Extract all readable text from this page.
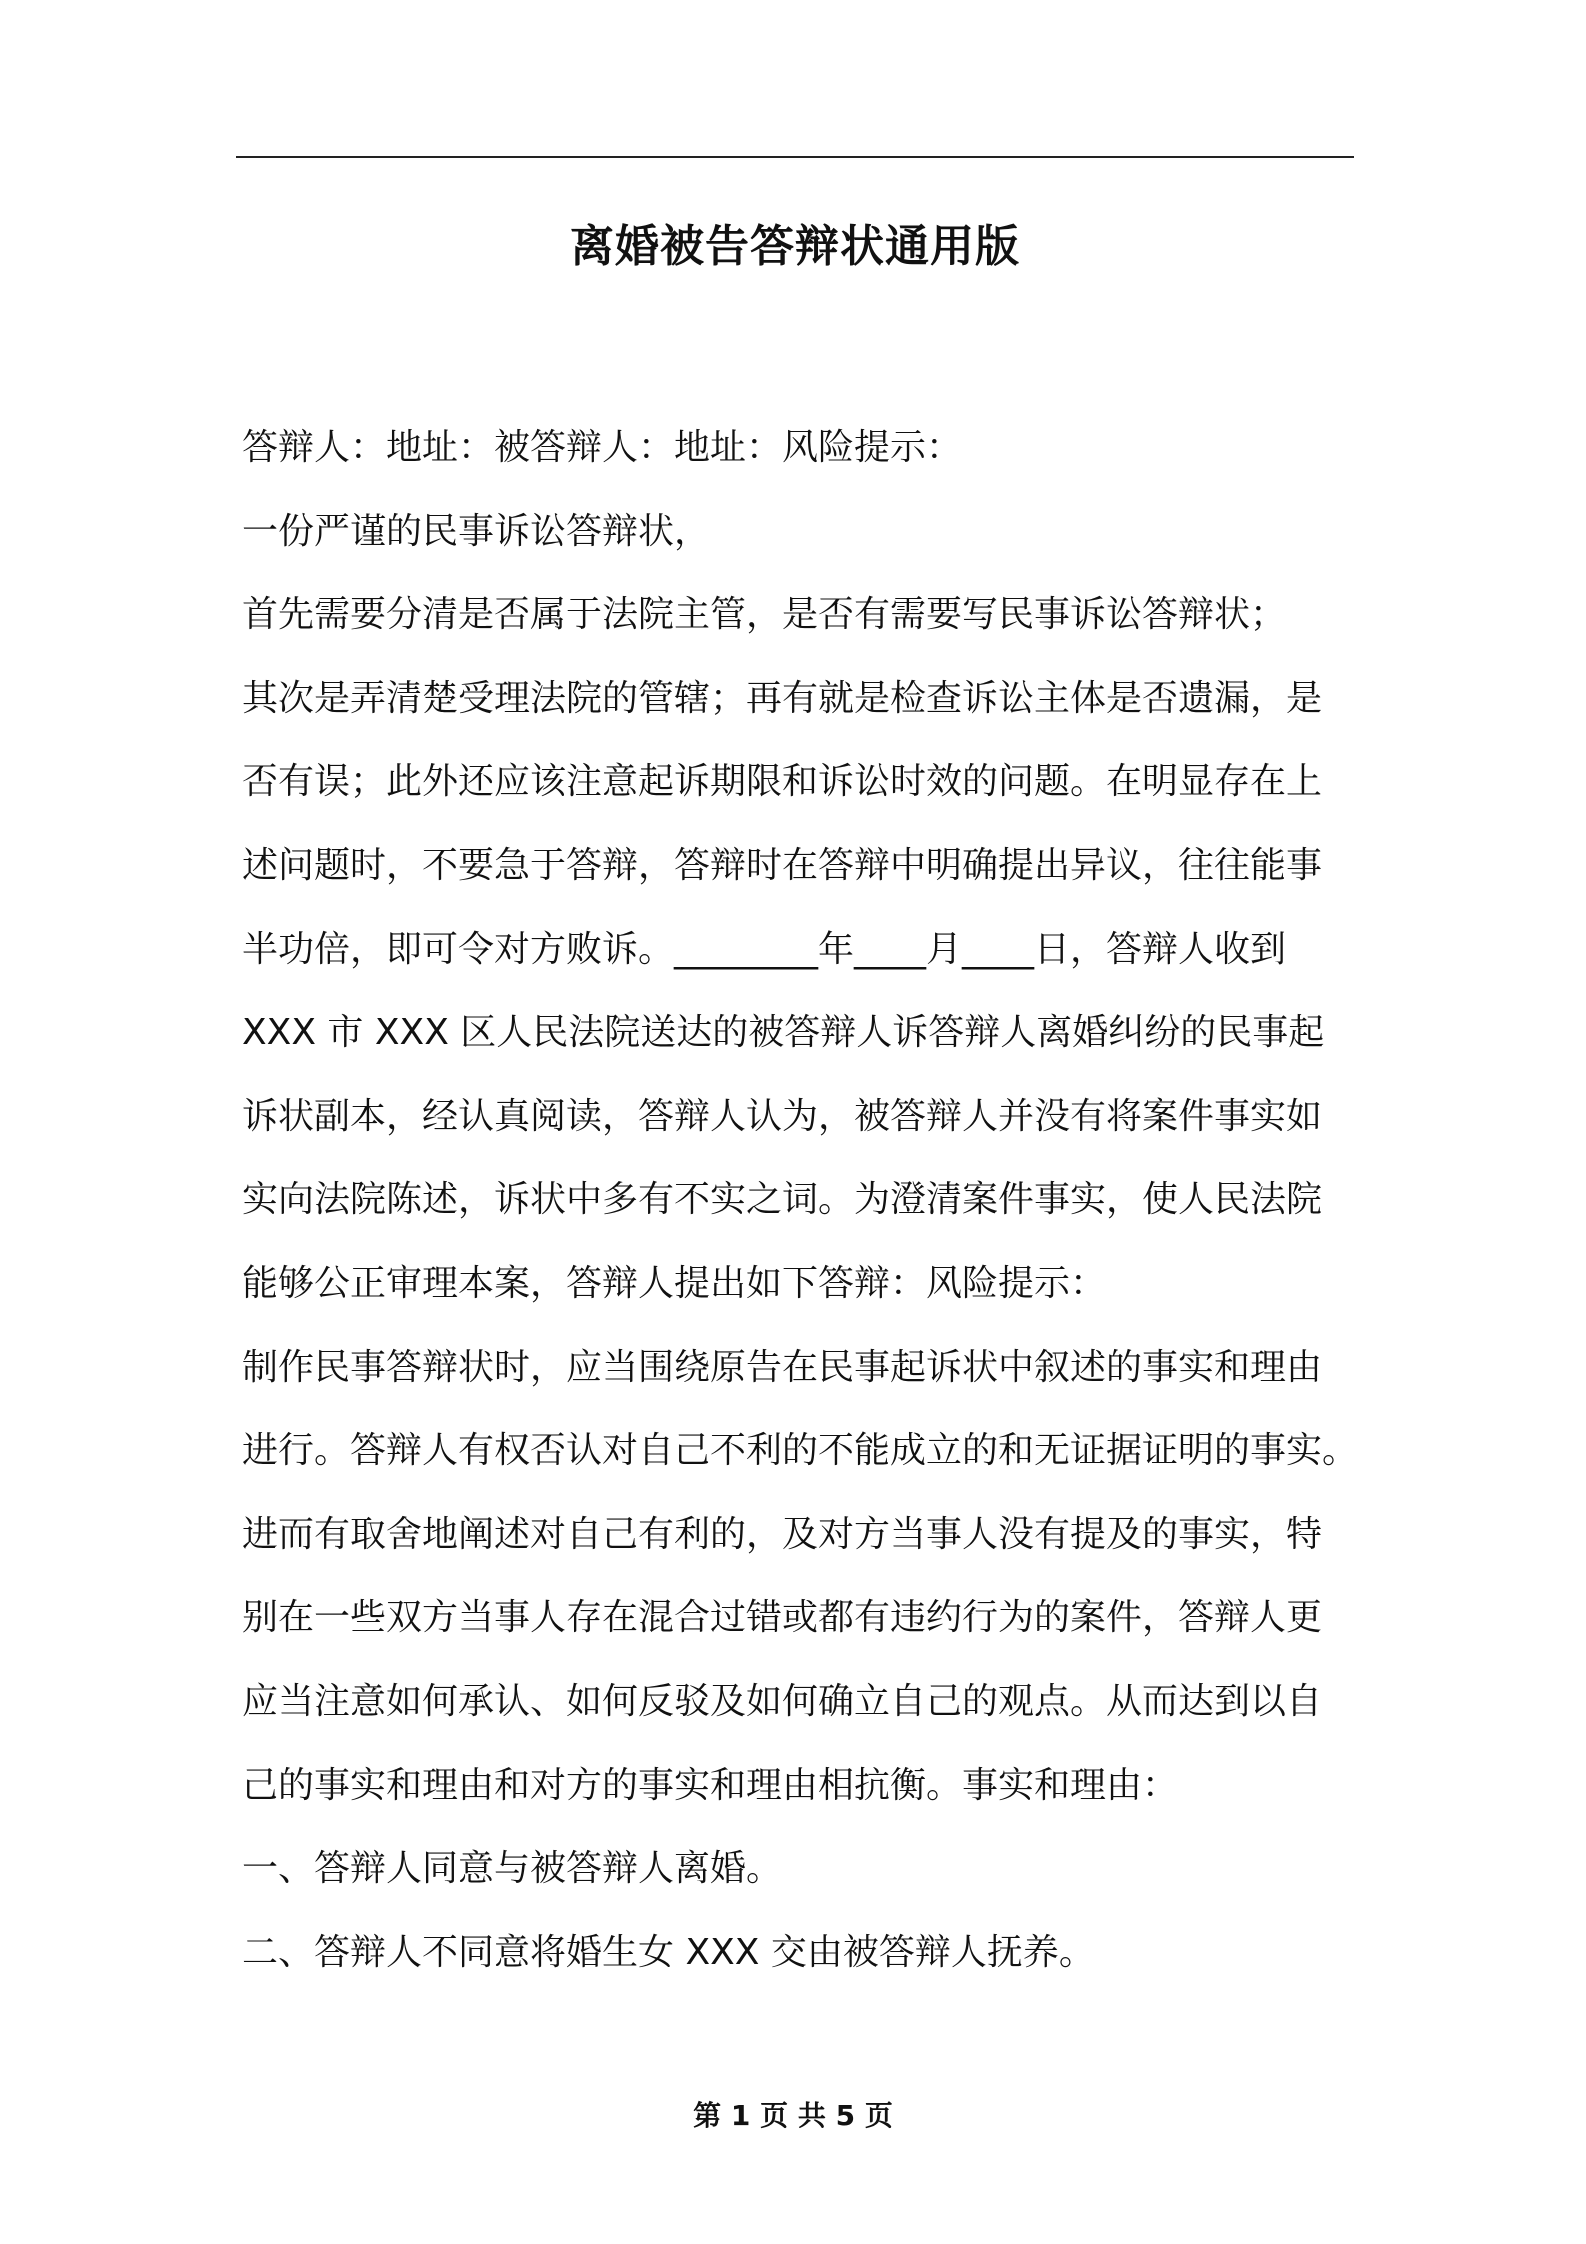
离婚被告答辩状通用版
答辩人：地址：被答辩人：地址：风险提示：
一份严谨的民事诉讼答辩状，
首先需要分清是否属于法院主管，是否有需要写民事诉讼答辩状；
其次是弄清楚受理法院的管辖；再有就是检查诉讼主体是否遗漏，是
否有误；此外还应该注意起诉期限和诉讼时效的问题。在明显存在上
述问题时，不要急于答辩，答辩时在答辩中明确提出异议，往往能事
半功倍，即可令对方败诉。________年____月____日，答辩人收到
XXX 市 XXX 区人民法院送达的被答辩人诉答辩人离婚纠纷的民事起
诉状副本，经认真阅读，答辩人认为，被答辩人并没有将案件事实如
实向法院陈述，诉状中多有不实之词。为澄清案件事实，使人民法院
能够公正审理本案，答辩人提出如下答辩：风险提示：
制作民事答辩状时，应当围绕原告在民事起诉状中叙述的事实和理由
进行。答辩人有权否认对自己不利的不能成立的和无证据证明的事实。
进而有取舍地阐述对自己有利的，及对方当事人没有提及的事实，特
别在一些双方当事人存在混合过错或都有违约行为的案件，答辩人更
应当注意如何承认、如何反驳及如何确立自己的观点。从而达到以自
己的事实和理由和对方的事实和理由相抗衡。事实和理由：
一、答辩人同意与被答辩人离婚。
二、答辩人不同意将婚生女 XXX 交由被答辩人抚养。
第 1 页 共 5 页
